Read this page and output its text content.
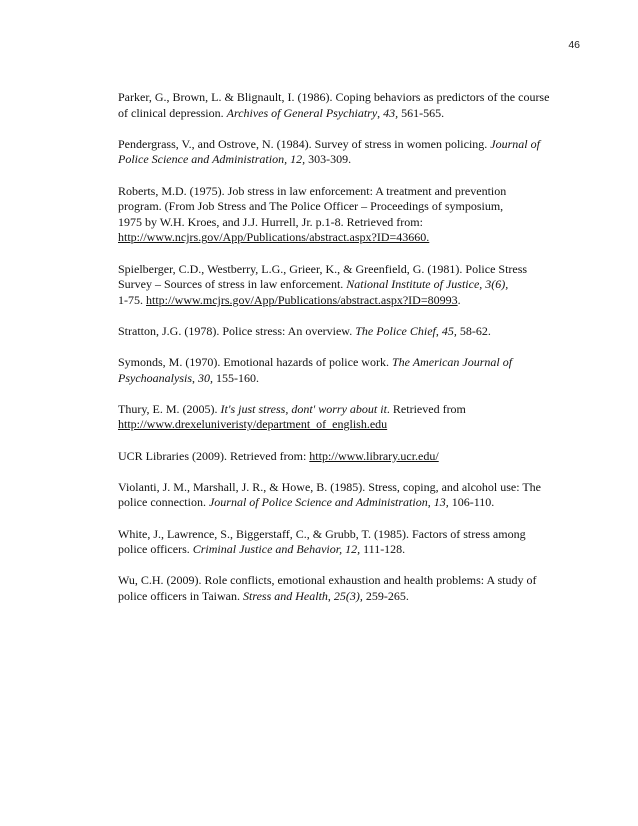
46
Parker, G., Brown, L. & Blignault, I. (1986). Coping behaviors as predictors of the course
of clinical depression. Archives of General Psychiatry, 43, 561-565.
Pendergrass, V., and Ostrove, N. (1984). Survey of stress in women policing. Journal of
Police Science and Administration, 12, 303-309.
Roberts, M.D. (1975). Job stress in law enforcement: A treatment and prevention
program. (From Job Stress and The Police Officer – Proceedings of symposium,
1975 by W.H. Kroes, and J.J. Hurrell, Jr. p.1-8. Retrieved from:
http://www.ncjrs.gov/App/Publications/abstract.aspx?ID=43660.
Spielberger, C.D., Westberry, L.G., Grieer, K., & Greenfield, G. (1981). Police Stress
Survey – Sources of stress in law enforcement. National Institute of Justice, 3(6),
1-75. http://www.mcjrs.gov/App/Publications/abstract.aspx?ID=80993.
Stratton, J.G. (1978). Police stress: An overview. The Police Chief, 45, 58-62.
Symonds, M. (1970). Emotional hazards of police work. The American Journal of
Psychoanalysis, 30, 155-160.
Thury, E. M. (2005). It's just stress, dont' worry about it. Retrieved from
http://www.drexeluniveristy/department_of_english.edu
UCR Libraries (2009). Retrieved from: http://www.library.ucr.edu/
Violanti, J. M., Marshall, J. R., & Howe, B. (1985). Stress, coping, and alcohol use: The
police connection. Journal of Police Science and Administration, 13, 106-110.
White, J., Lawrence, S., Biggerstaff, C., & Grubb, T. (1985). Factors of stress among
police officers. Criminal Justice and Behavior, 12, 111-128.
Wu, C.H. (2009). Role conflicts, emotional exhaustion and health problems: A study of
police officers in Taiwan. Stress and Health, 25(3), 259-265.
